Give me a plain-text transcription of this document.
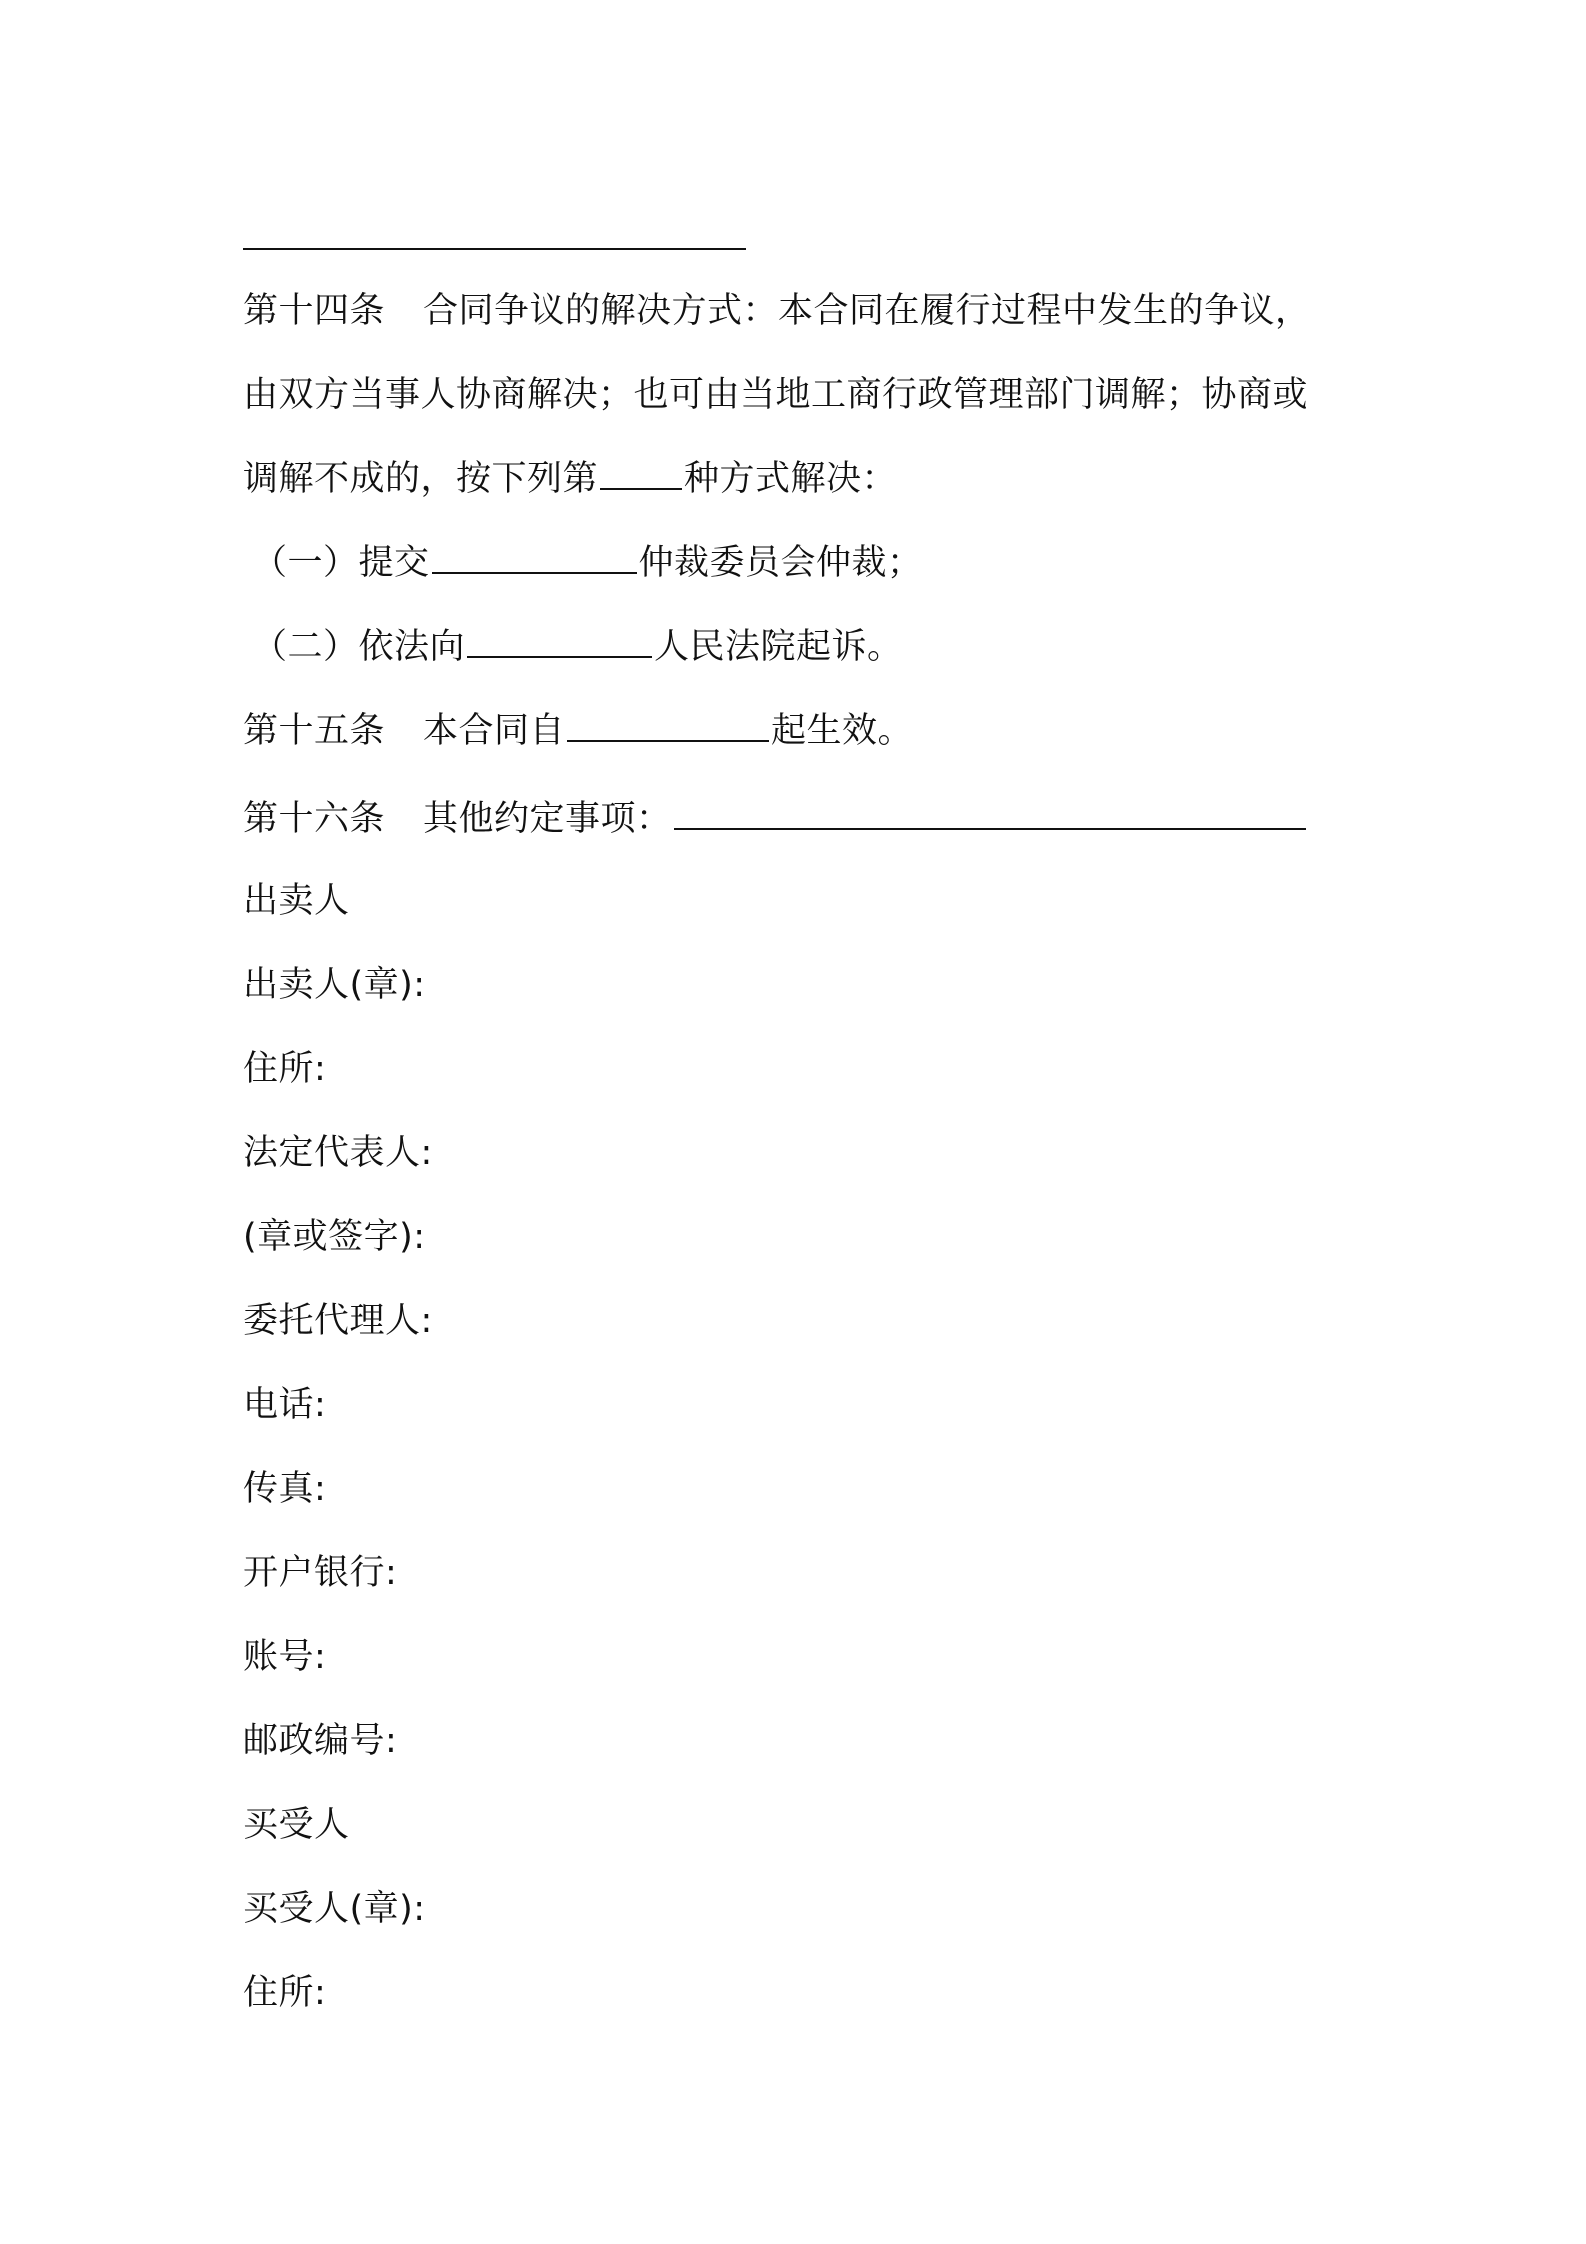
第十四条 合同争议的解决方式：本合同在履行过程中发生的争议，
由双方当事人协商解决；也可由当地工商行政管理部门调解；协商或
调解不成的，按下列第 种方式解决：
（一）提交	仲裁委员会仲裁；
（二）依法向	人民法院起诉。
第十五条 本合同自	起生效。
第十六条 其他约定事项：
出卖人
出卖人(章):
住所:
法定代表人:
(章或签字):
委托代理人:
电话:
传真:
开户银行:
账号:
邮政编号:
买受人
买受人(章):
住所:
